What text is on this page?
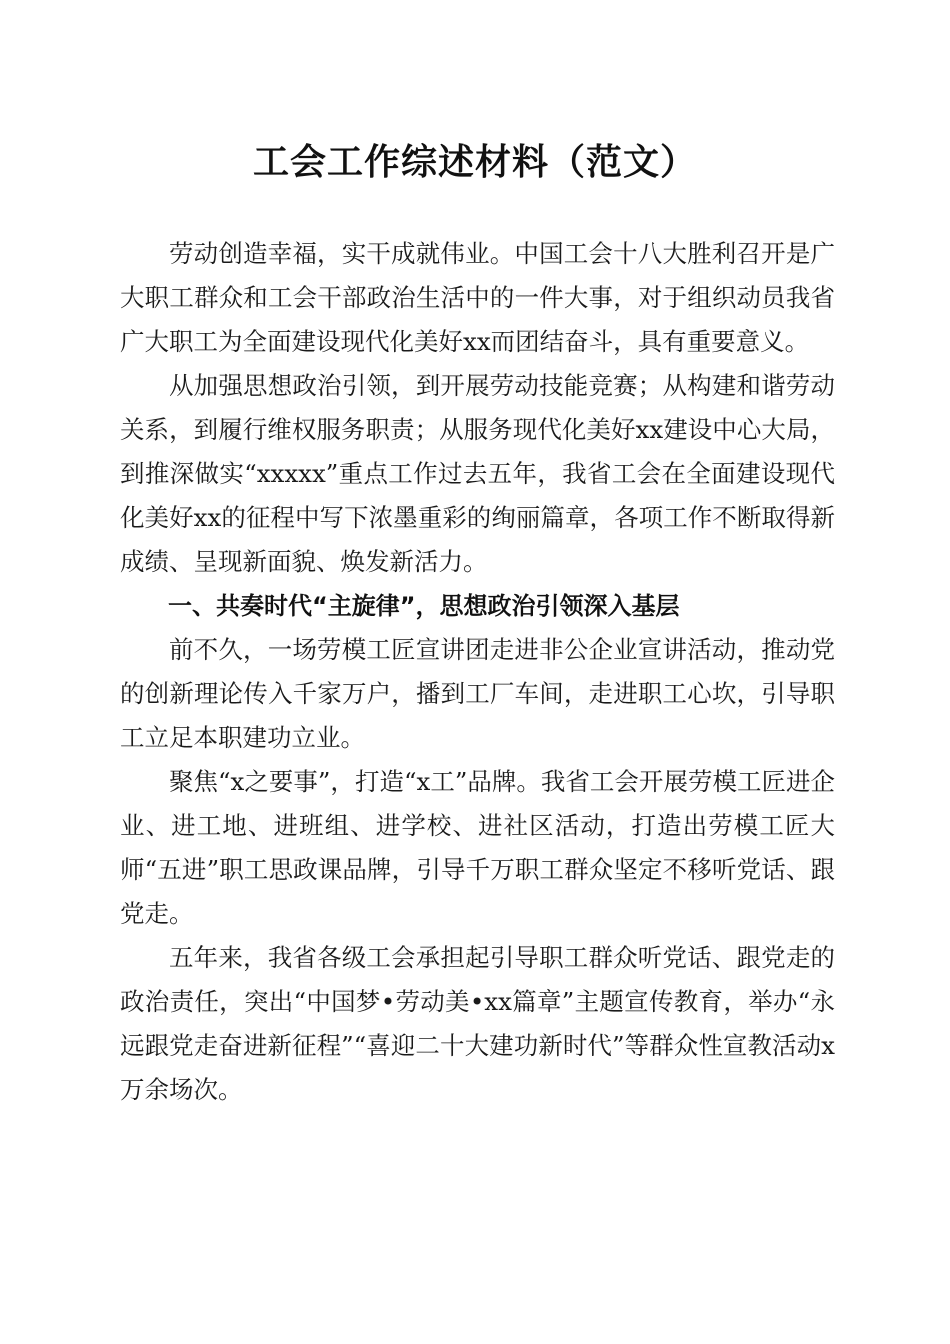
工会工作综述材料（范文）

劳动创造幸福，实干成就伟业。中国工会十八大胜利召开是广大职工群众和工会干部政治生活中的一件大事，对于组织动员我省广大职工为全面建设现代化美好xx而团结奋斗，具有重要意义。

从加强思想政治引领，到开展劳动技能竞赛；从构建和谐劳动关系，到履行维权服务职责；从服务现代化美好xx建设中心大局，到推深做实“xxxxx”重点工作过去五年，我省工会在全面建设现代化美好xx的征程中写下浓墨重彩的绚丽篇章，各项工作不断取得新成绩、呈现新面貌、焕发新活力。

一、共奏时代“主旋律”，思想政治引领深入基层

前不久，一场劳模工匠宣讲团走进非公企业宣讲活动，推动党的创新理论传入千家万户，播到工厂车间，走进职工心坎，引导职工立足本职建功立业。

聚焦“x之要事”，打造“x工”品牌。我省工会开展劳模工匠进企业、进工地、进班组、进学校、进社区活动，打造出劳模工匠大师“五进”职工思政课品牌，引导千万职工群众坚定不移听党话、跟党走。

五年来，我省各级工会承担起引导职工群众听党话、跟党走的政治责任，突出“中国梦•劳动美•xx篇章”主题宣传教育，举办“永远跟党走奋进新征程”“喜迎二十大建功新时代”等群众性宣教活动x万余场次。
